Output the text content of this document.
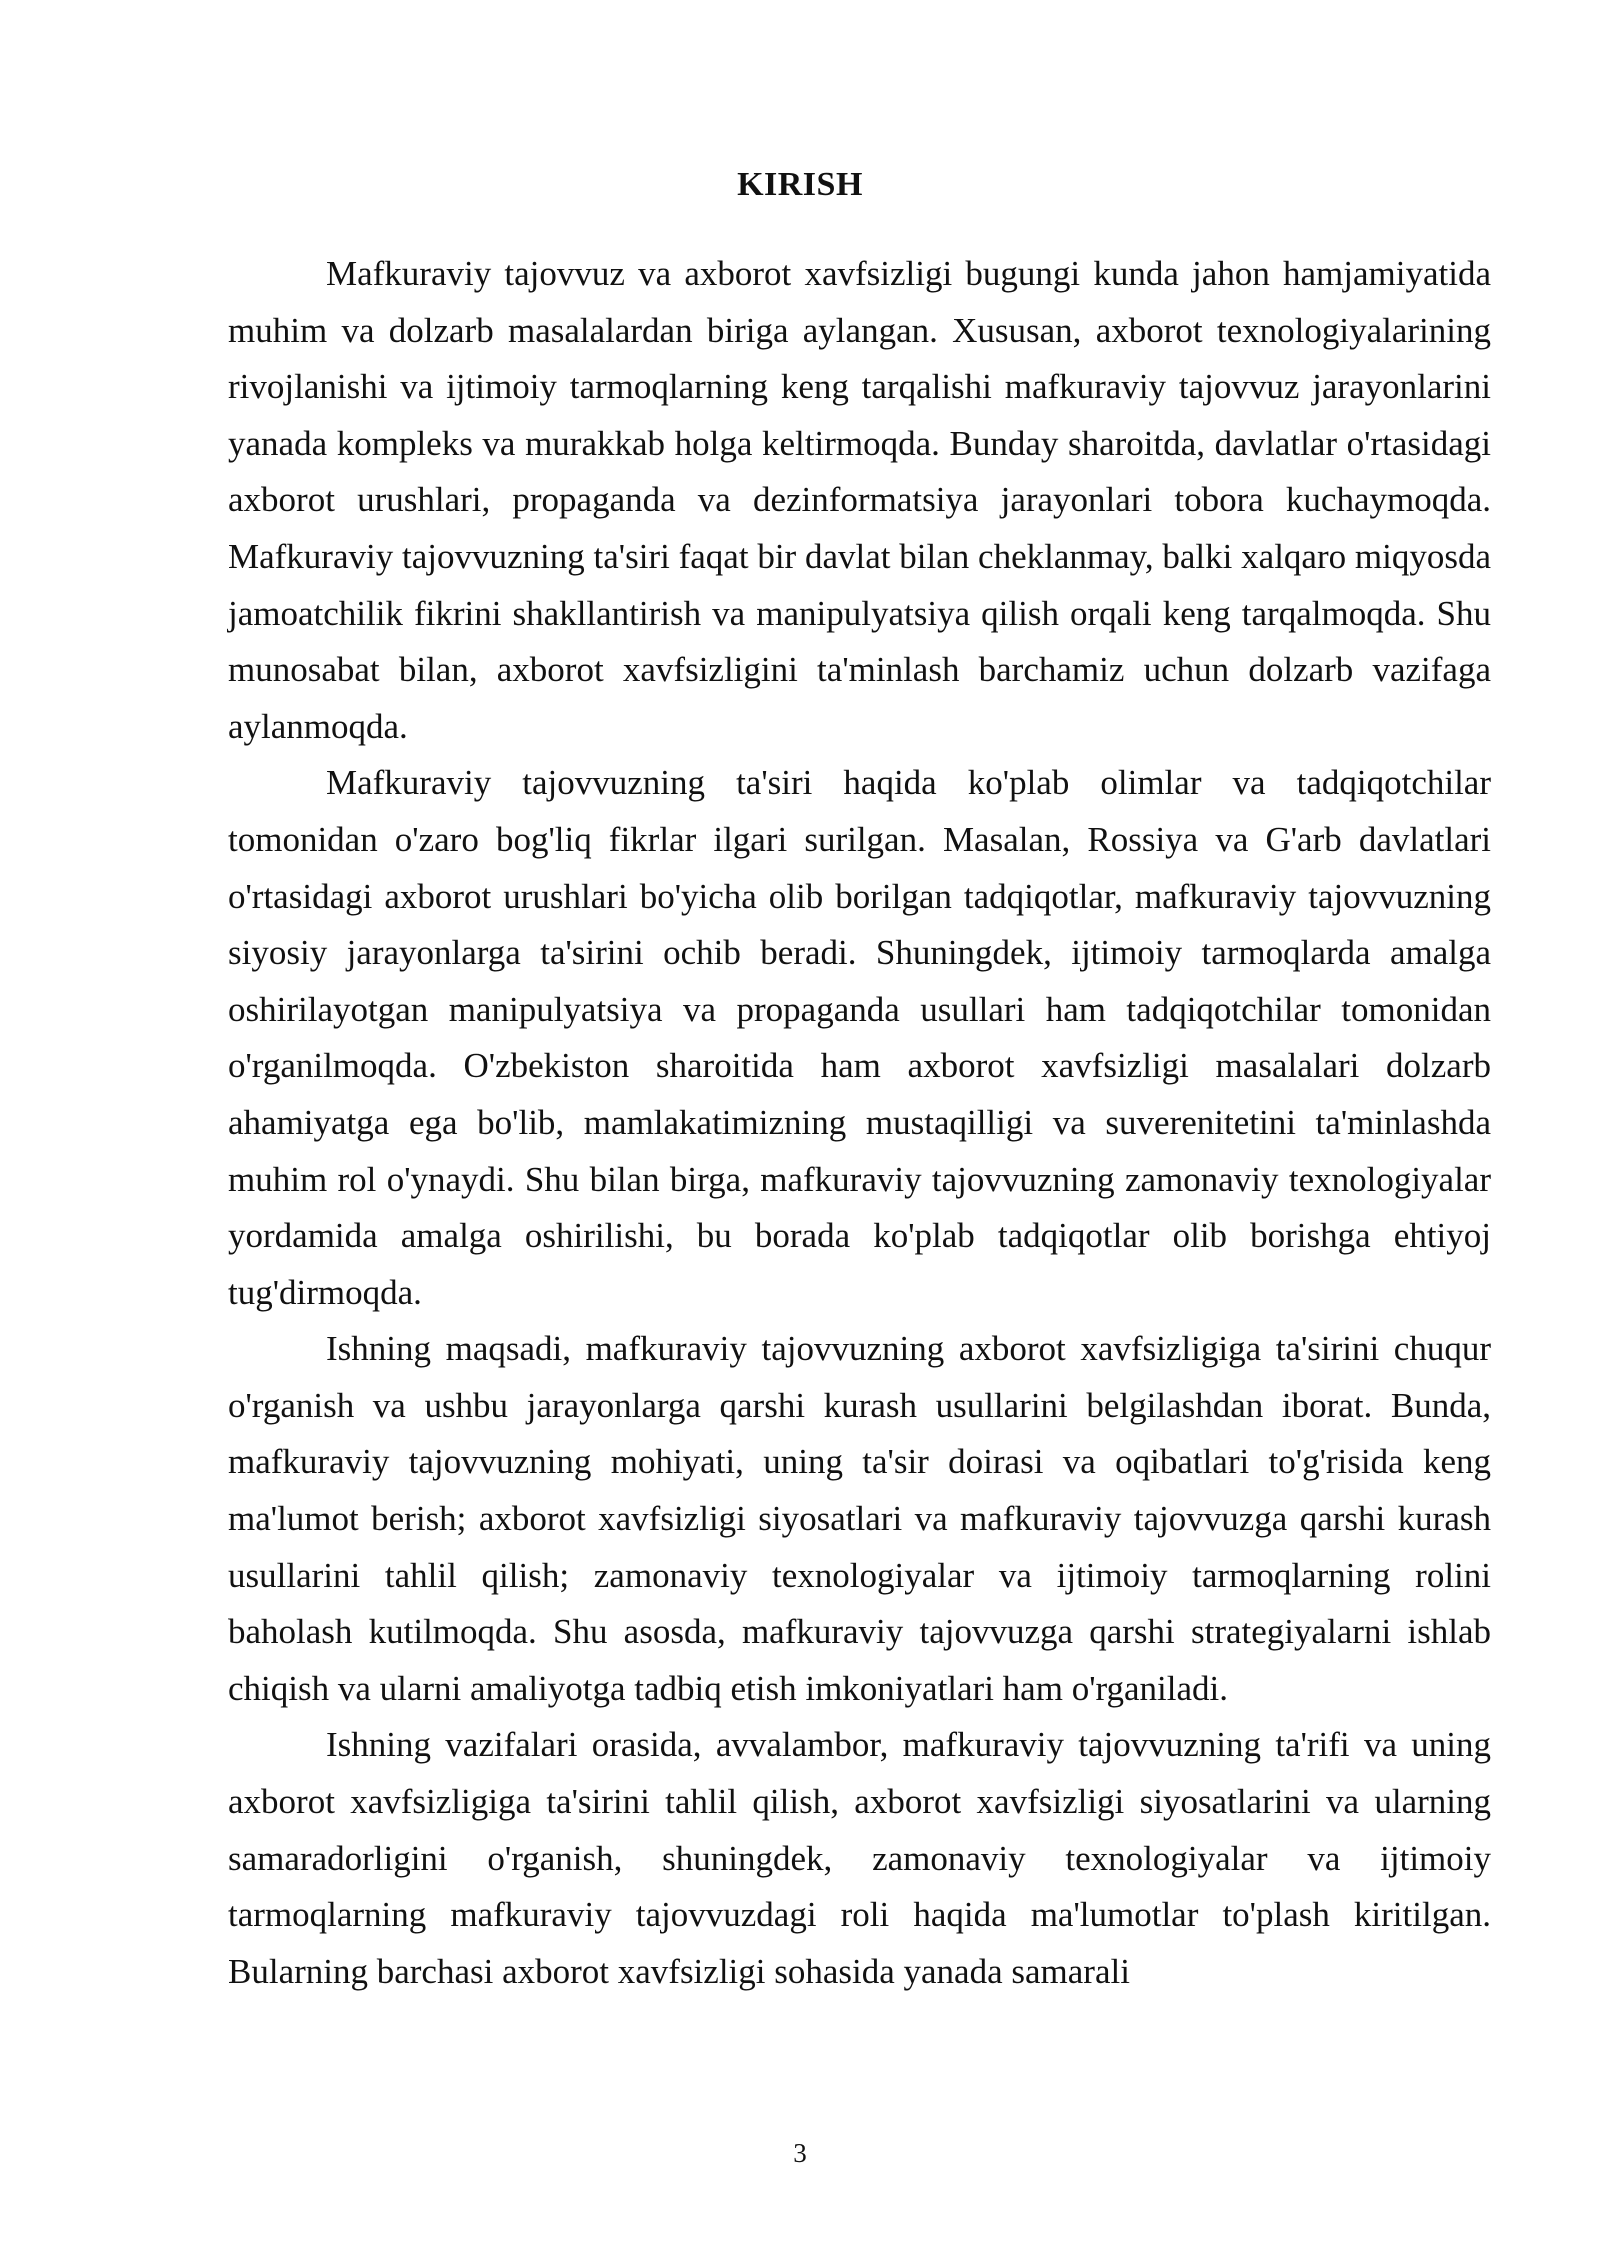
KIRISH

Mafkuraviy tajovvuz va axborot xavfsizligi bugungi kunda jahon hamjamiyatida muhim va dolzarb masalalardan biriga aylangan. Xususan, axborot texnologiyalarining rivojlanishi va ijtimoiy tarmoqlarning keng tarqalishi mafkuraviy tajovvuz jarayonlarini yanada kompleks va murakkab holga keltirmoqda. Bunday sharoitda, davlatlar o'rtasidagi axborot urushlari, propaganda va dezinformatsiya jarayonlari tobora kuchaymoqda. Mafkuraviy tajovvuzning ta'siri faqat bir davlat bilan cheklanmay, balki xalqaro miqyosda jamoatchilik fikrini shakllantirish va manipulyatsiya qilish orqali keng tarqalmoqda. Shu munosabat bilan, axborot xavfsizligini ta'minlash barchamiz uchun dolzarb vazifaga aylanmoqda.

Mafkuraviy tajovvuzning ta'siri haqida ko'plab olimlar va tadqiqotchilar tomonidan o'zaro bog'liq fikrlar ilgari surilgan. Masalan, Rossiya va G'arb davlatlari o'rtasidagi axborot urushlari bo'yicha olib borilgan tadqiqotlar, mafkuraviy tajovvuzning siyosiy jarayonlarga ta'sirini ochib beradi. Shuningdek, ijtimoiy tarmoqlarda amalga oshirilayotgan manipulyatsiya va propaganda usullari ham tadqiqotchilar tomonidan o'rganilmoqda. O'zbekiston sharoitida ham axborot xavfsizligi masalalari dolzarb ahamiyatga ega bo'lib, mamlakatimizning mustaqilligi va suverenitetini ta'minlashda muhim rol o'ynaydi. Shu bilan birga, mafkuraviy tajovvuzning zamonaviy texnologiyalar yordamida amalga oshirilishi, bu borada ko'plab tadqiqotlar olib borishga ehtiyoj tug'dirmoqda.

Ishning maqsadi, mafkuraviy tajovvuzning axborot xavfsizligiga ta'sirini chuqur o'rganish va ushbu jarayonlarga qarshi kurash usullarini belgilashdan iborat. Bunda, mafkuraviy tajovvuzning mohiyati, uning ta'sir doirasi va oqibatlari to'g'risida keng ma'lumot berish; axborot xavfsizligi siyosatlari va mafkuraviy tajovvuzga qarshi kurash usullarini tahlil qilish; zamonaviy texnologiyalar va ijtimoiy tarmoqlarning rolini baholash kutilmoqda. Shu asosda, mafkuraviy tajovvuzga qarshi strategiyalarni ishlab chiqish va ularni amaliyotga tadbiq etish imkoniyatlari ham o'rganiladi.

Ishning vazifalari orasida, avvalambor, mafkuraviy tajovvuzning ta'rifi va uning axborot xavfsizligiga ta'sirini tahlil qilish, axborot xavfsizligi siyosatlarini va ularning samaradorligini o'rganish, shuningdek, zamonaviy texnologiyalar va ijtimoiy tarmoqlarning mafkuraviy tajovvuzdagi roli haqida ma'lumotlar to'plash kiritilgan. Bularning barchasi axborot xavfsizligi sohasida yanada samarali

3
